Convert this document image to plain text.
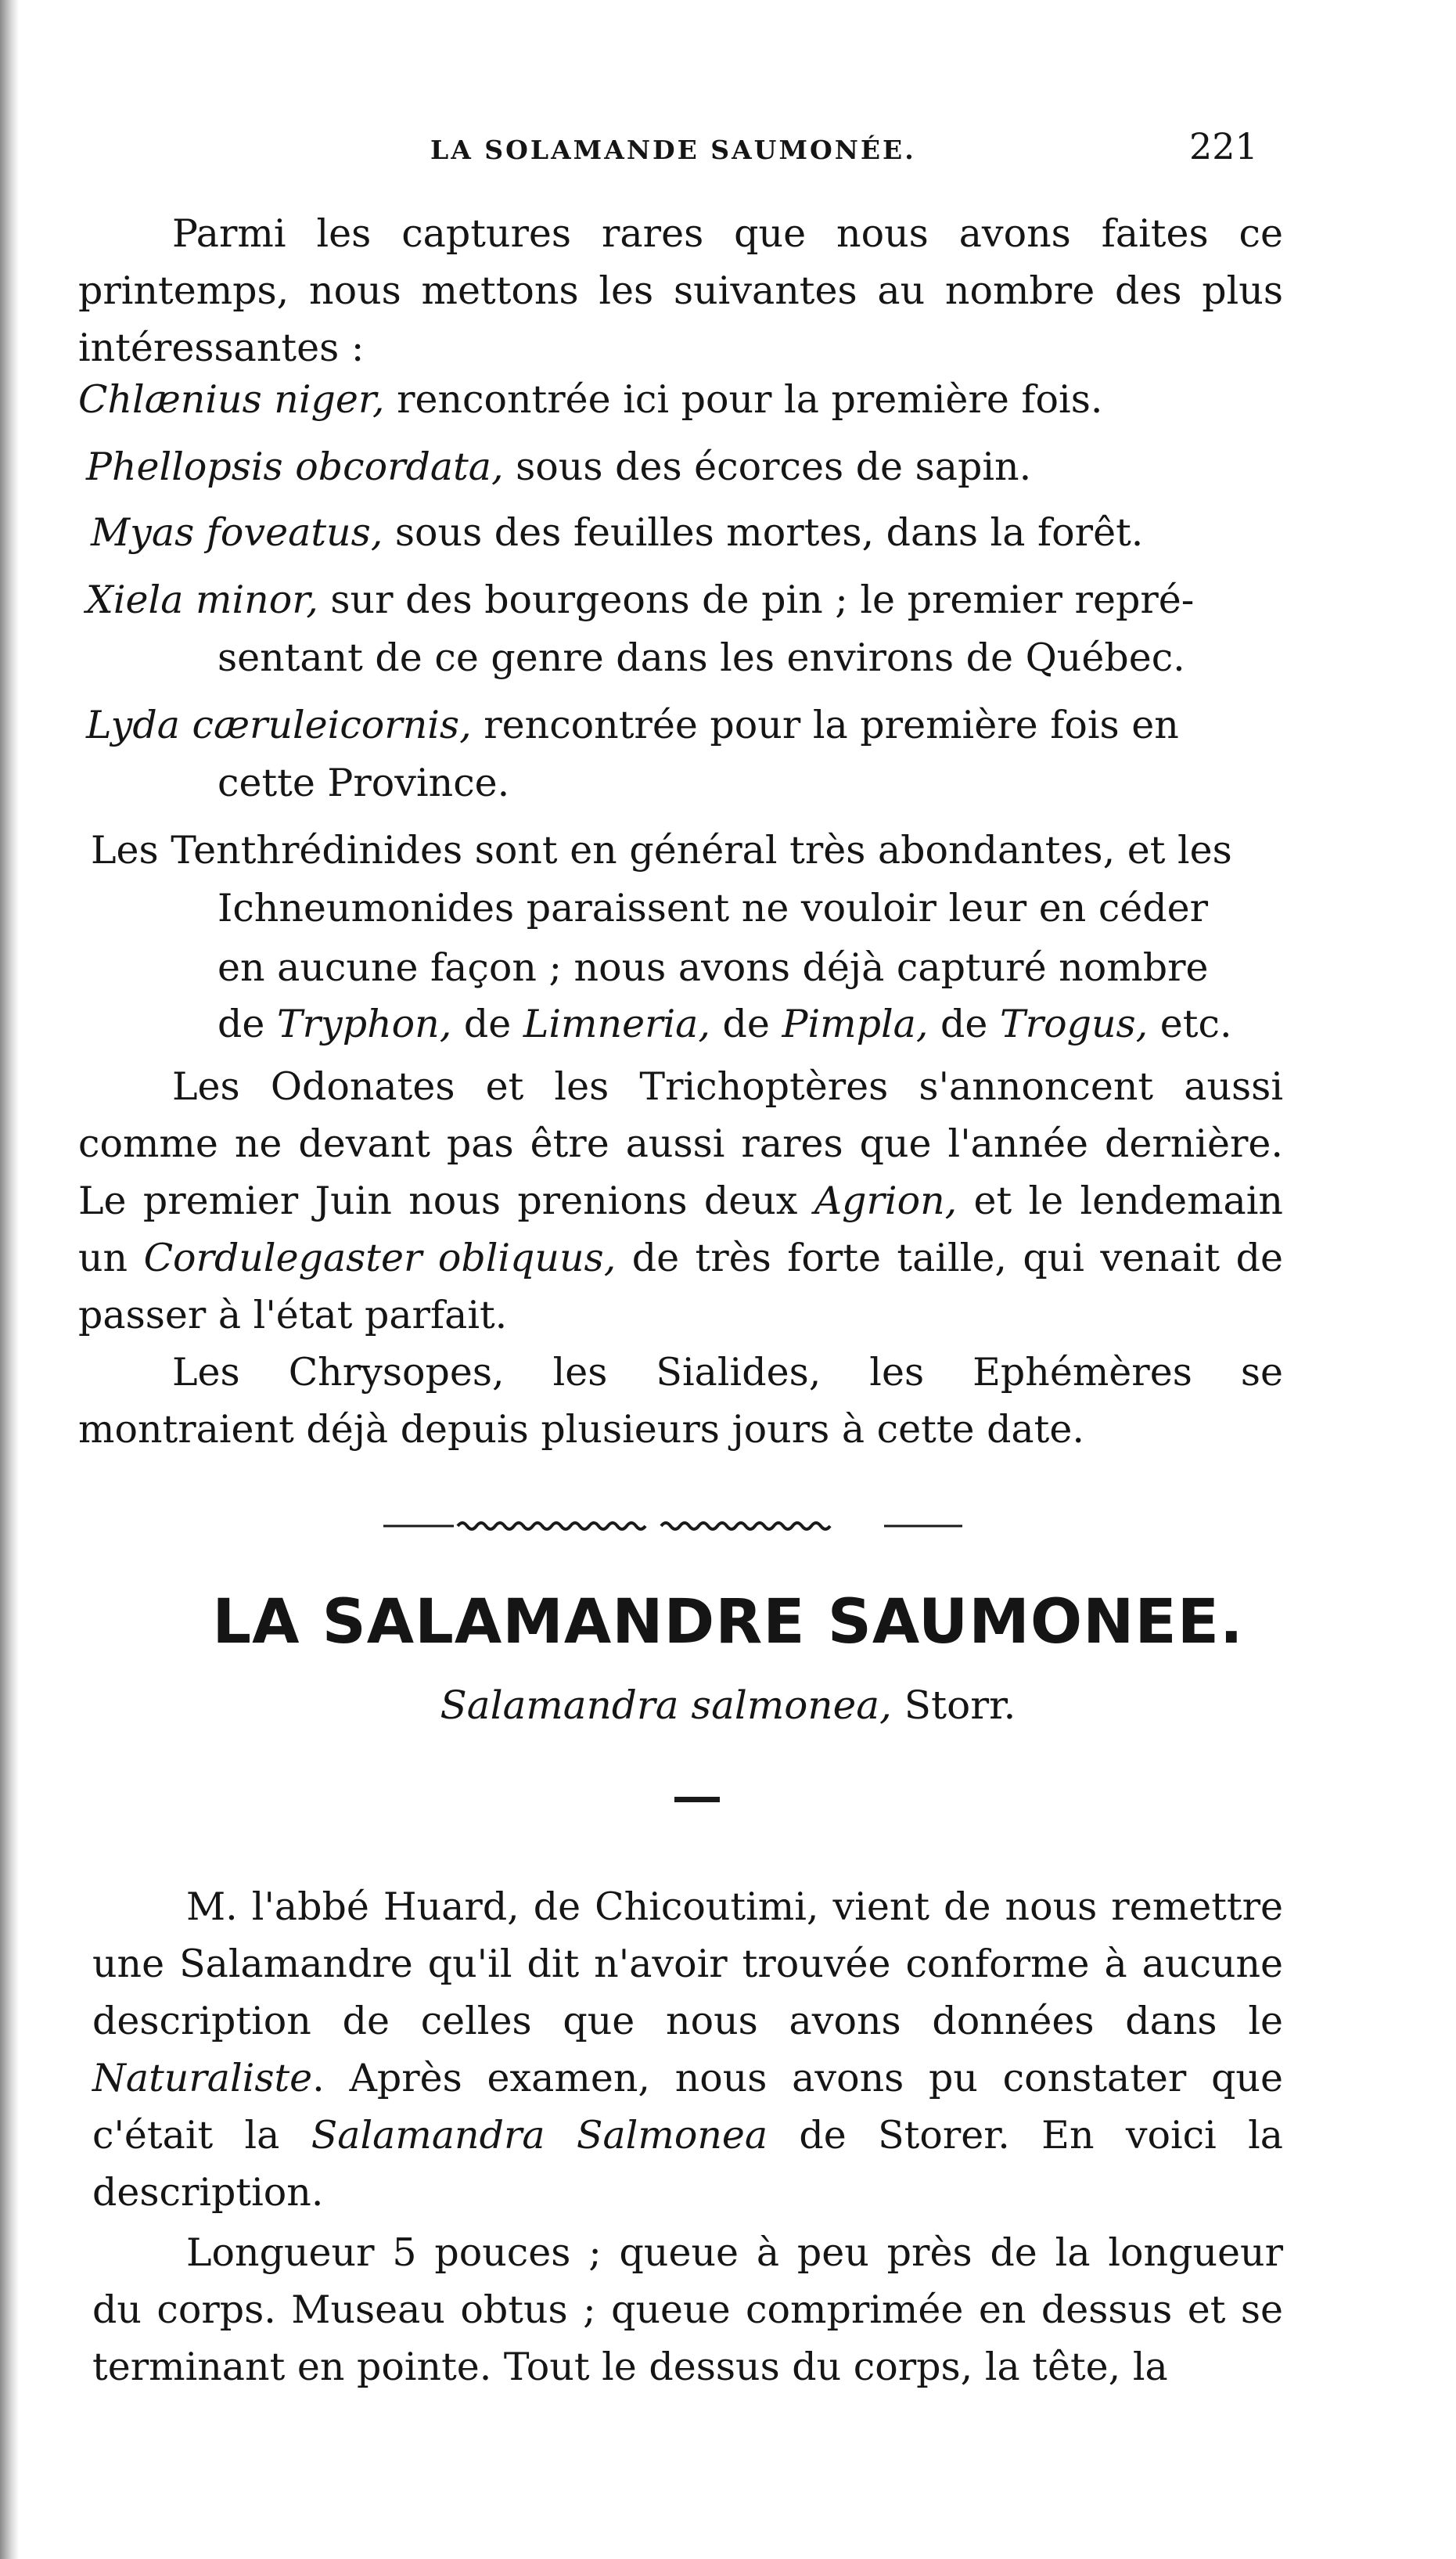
LA SOLAMANDE SAUMONÉE.	221

Parmi les captures rares que nous avons faites ce printemps, nous mettons les suivantes au nombre des plus intéressantes :

Chlænius niger, rencontrée ici pour la première fois.
Phellopsis obcordata, sous des écorces de sapin.
Myas foveatus, sous des feuilles mortes, dans la forêt.
Xiela minor, sur des bourgeons de pin ; le premier repré-
sentant de ce genre dans les environs de Québec.
Lyda cæruleicornis, rencontrée pour la première fois en
cette Province.
Les Tenthrédinides sont en général très abondantes, et les
Ichneumonides paraissent ne vouloir leur en céder
en aucune façon ; nous avons déjà capturé nombre
de Tryphon, de Limneria, de Pimpla, de Trogus, etc.

Les Odonates et les Trichoptères s'annoncent aussi comme ne devant pas être aussi rares que l'année dernière. Le premier Juin nous prenions deux Agrion, et le lendemain un Cordulegaster obliquus, de très forte taille, qui venait de passer à l'état parfait.

Les Chrysopes, les Sialides, les Ephémères se montraient déjà depuis plusieurs jours à cette date.

LA SALAMANDRE SAUMONEE.
Salamandra salmonea, Storr.

M. l'abbé Huard, de Chicoutimi, vient de nous remettre une Salamandre qu'il dit n'avoir trouvée conforme à aucune description de celles que nous avons données dans le Naturaliste. Après examen, nous avons pu constater que c'était la Salamandra Salmonea de Storer. En voici la description.

Longueur 5 pouces ; queue à peu près de la longueur du corps. Museau obtus ; queue comprimée en dessus et se terminant en pointe. Tout le dessus du corps, la tête, la
